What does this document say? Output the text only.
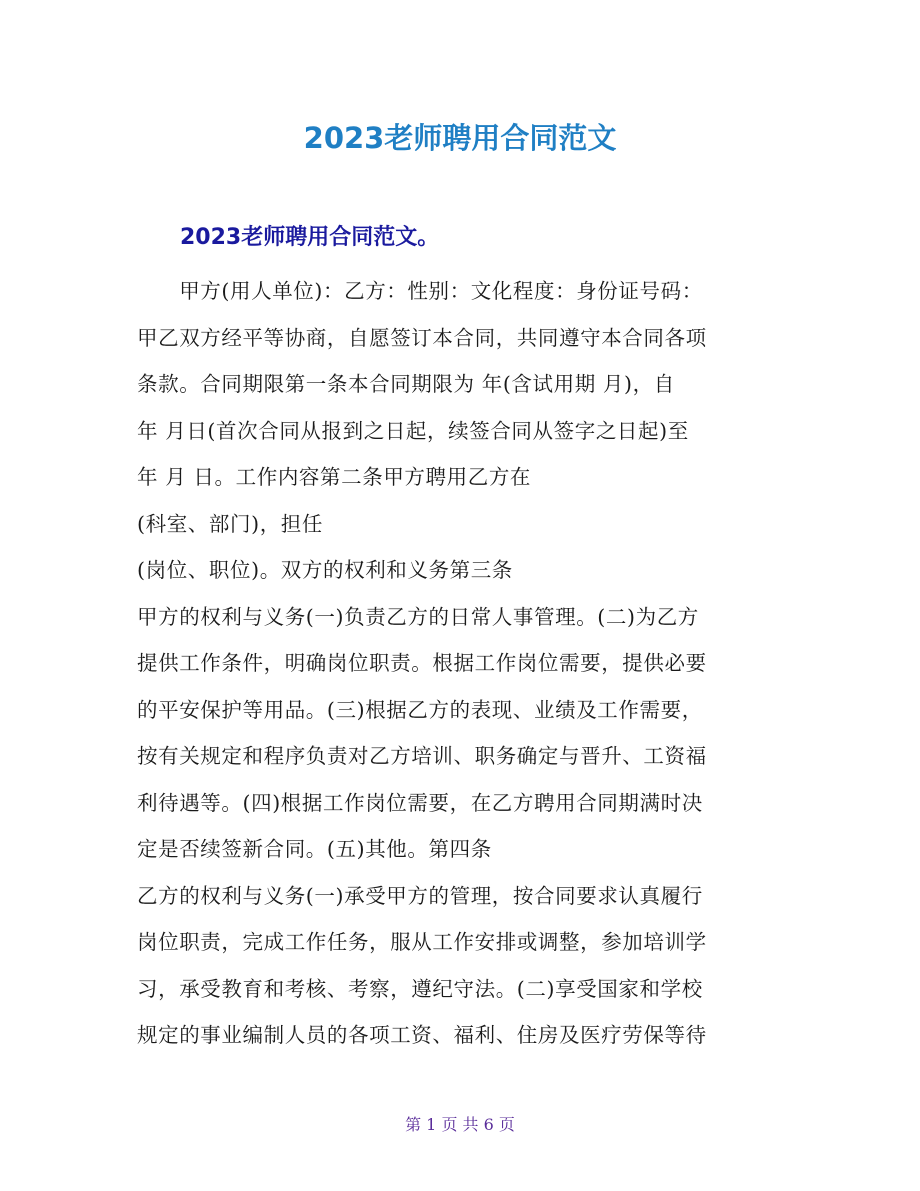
2023老师聘用合同范文
2023老师聘用合同范文。
　　甲方(用人单位)：乙方：性别：文化程度：身份证号码：
甲乙双方经平等协商，自愿签订本合同，共同遵守本合同各项
条款。合同期限第一条本合同期限为 年(含试用期 月)，自
年 月日(首次合同从报到之日起，续签合同从签字之日起)至
年 月 日。工作内容第二条甲方聘用乙方在
(科室、部门)，担任
(岗位、职位)。双方的权利和义务第三条
甲方的权利与义务(一)负责乙方的日常人事管理。(二)为乙方
提供工作条件，明确岗位职责。根据工作岗位需要，提供必要
的平安保护等用品。(三)根据乙方的表现、业绩及工作需要，
按有关规定和程序负责对乙方培训、职务确定与晋升、工资福
利待遇等。(四)根据工作岗位需要，在乙方聘用合同期满时决
定是否续签新合同。(五)其他。第四条
乙方的权利与义务(一)承受甲方的管理，按合同要求认真履行
岗位职责，完成工作任务，服从工作安排或调整，参加培训学
习，承受教育和考核、考察，遵纪守法。(二)享受国家和学校
规定的事业编制人员的各项工资、福利、住房及医疗劳保等待
第 1 页 共 6 页
